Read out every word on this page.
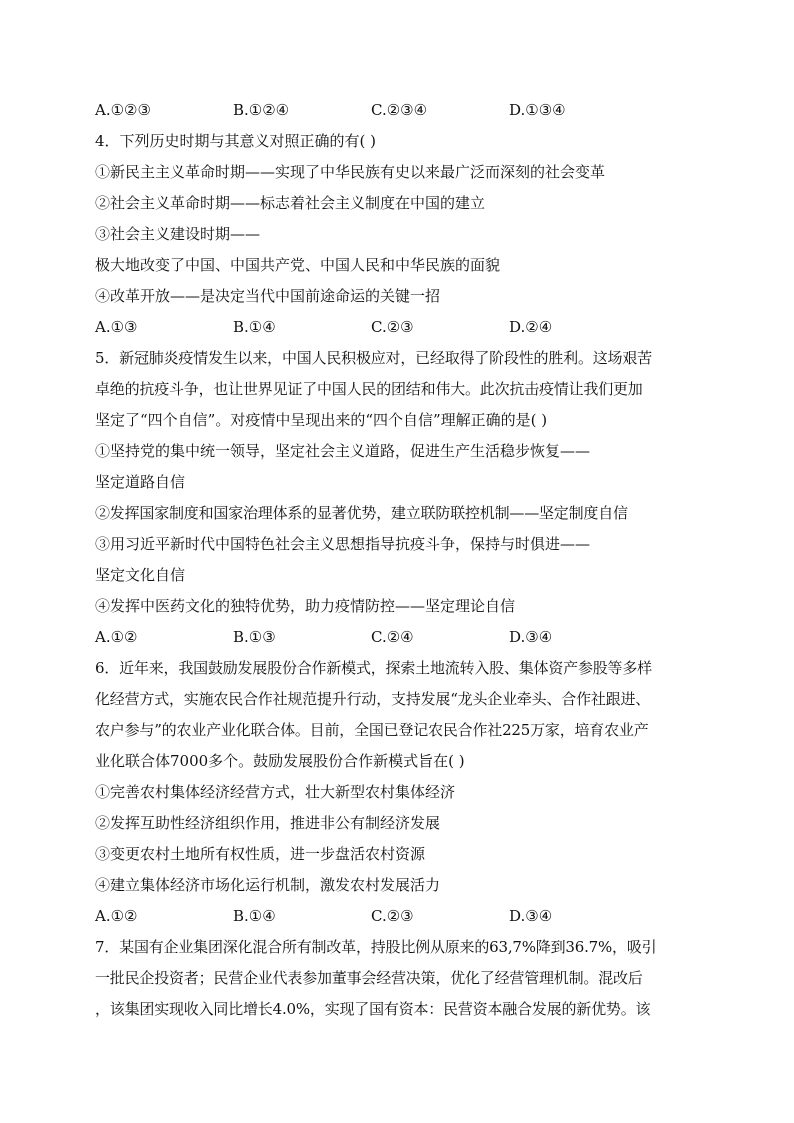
A.①②③	B.①②④	C.②③④	D.①③④
4．下列历史时期与其意义对照正确的有( )
①新民主主义革命时期——实现了中华民族有史以来最广泛而深刻的社会变革
②社会主义革命时期——标志着社会主义制度在中国的建立
③社会主义建设时期——
极大地改变了中国、中国共产党、中国人民和中华民族的面貌
④改革开放——是决定当代中国前途命运的关键一招
A.①③	B.①④	C.②③	D.②④
5．新冠肺炎疫情发生以来，中国人民积极应对，已经取得了阶段性的胜利。这场艰苦
卓绝的抗疫斗争，也让世界见证了中国人民的团结和伟大。此次抗击疫情让我们更加
坚定了“四个自信”。对疫情中呈现出来的“四个自信”理解正确的是( )
①坚持党的集中统一领导，坚定社会主义道路，促进生产生活稳步恢复——
坚定道路自信
②发挥国家制度和国家治理体系的显著优势，建立联防联控机制——坚定制度自信
③用习近平新时代中国特色社会主义思想指导抗疫斗争，保持与时俱进——
坚定文化自信
④发挥中医药文化的独特优势，助力疫情防控——坚定理论自信
A.①②	B.①③	C.②④	D.③④
6．近年来，我国鼓励发展股份合作新模式，探索土地流转入股、集体资产参股等多样
化经营方式，实施农民合作社规范提升行动，支持发展“龙头企业牵头、合作社跟进、
农户参与”的农业产业化联合体。目前，全国已登记农民合作社225万家，培育农业产
业化联合体7000多个。鼓励发展股份合作新模式旨在( )
①完善农村集体经济经营方式，壮大新型农村集体经济
②发挥互助性经济组织作用，推进非公有制经济发展
③变更农村土地所有权性质，进一步盘活农村资源
④建立集体经济市场化运行机制，激发农村发展活力
A.①②	B.①④	C.②③	D.③④
7．某国有企业集团深化混合所有制改革，持股比例从原来的63,7%降到36.7%，吸引
一批民企投资者；民营企业代表参加董事会经营决策，优化了经营管理机制。混改后
，该集团实现收入同比增长4.0%，实现了国有资本：民营资本融合发展的新优势。该
